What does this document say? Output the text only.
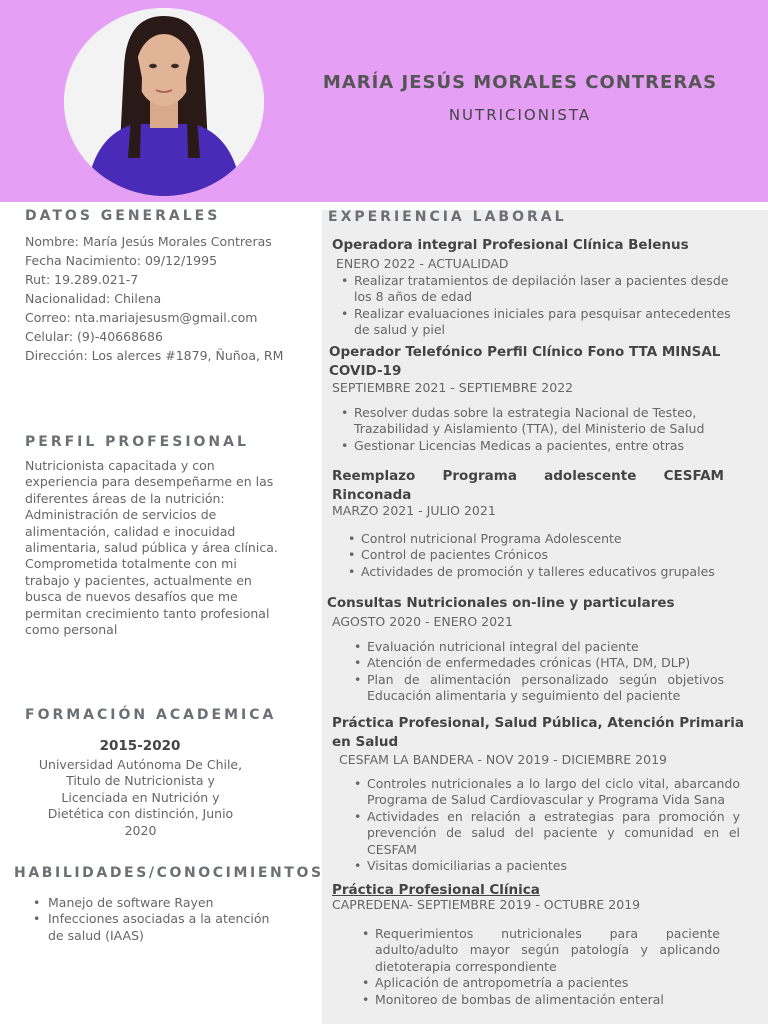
MARÍA JESÚS MORALES CONTRERAS
NUTRICIONISTA
DATOS GENERALES
Nombre: María Jesús Morales Contreras
Fecha Nacimiento: 09/12/1995
Rut: 19.289.021-7
Nacionalidad: Chilena
Correo: nta.mariajesusm@gmail.com
Celular: (9)-40668686
Dirección: Los alerces #1879, Ñuñoa, RM
PERFIL PROFESIONAL
Nutricionista capacitada y con experiencia para desempeñarme en las diferentes áreas de la nutrición: Administración de servicios de alimentación, calidad e inocuidad alimentaria, salud pública y área clínica. Comprometida totalmente con mi trabajo y pacientes, actualmente en busca de nuevos desafíos que me permitan crecimiento tanto profesional como personal
FORMACIÓN ACADEMICA
2015-2020
Universidad Autónoma De Chile, Titulo de Nutricionista y Licenciada en Nutrición y Dietética con distinción, Junio 2020
HABILIDADES/CONOCIMIENTOS
• Manejo de software Rayen
• Infecciones asociadas a la atención de salud (IAAS)
EXPERIENCIA LABORAL
Operadora integral Profesional Clínica Belenus
ENERO 2022 - ACTUALIDAD
• Realizar tratamientos de depilación laser a pacientes desde los 8 años de edad
• Realizar evaluaciones iniciales para pesquisar antecedentes de salud y piel
Operador Telefónico Perfil Clínico Fono TTA MINSAL COVID-19
SEPTIEMBRE 2021 - SEPTIEMBRE 2022
• Resolver dudas sobre la estrategia Nacional de Testeo, Trazabilidad y Aislamiento (TTA), del Ministerio de Salud
• Gestionar Licencias Medicas a pacientes, entre otras
Reemplazo Programa adolescente CESFAM Rinconada
MARZO 2021 - JULIO 2021
• Control nutricional Programa Adolescente
• Control de pacientes Crónicos
• Actividades de promoción y talleres educativos grupales
Consultas Nutricionales on-line y particulares
AGOSTO 2020 - ENERO 2021
• Evaluación nutricional integral del paciente
• Atención de enfermedades crónicas (HTA, DM, DLP)
• Plan de alimentación personalizado según objetivos Educación alimentaria y seguimiento del paciente
Práctica Profesional, Salud Pública, Atención Primaria en Salud
CESFAM LA BANDERA - NOV 2019 - DICIEMBRE 2019
• Controles nutricionales a lo largo del ciclo vital, abarcando Programa de Salud Cardiovascular y Programa Vida Sana
• Actividades en relación a estrategias para promoción y prevención de salud del paciente y comunidad en el CESFAM
• Visitas domiciliarias a pacientes
Práctica Profesional Clínica
CAPREDENA- SEPTIEMBRE 2019 - OCTUBRE 2019
• Requerimientos nutricionales para paciente adulto/adulto mayor según patología y aplicando dietoterapia correspondiente
• Aplicación de antropometría a pacientes
• Monitoreo de bombas de alimentación enteral
